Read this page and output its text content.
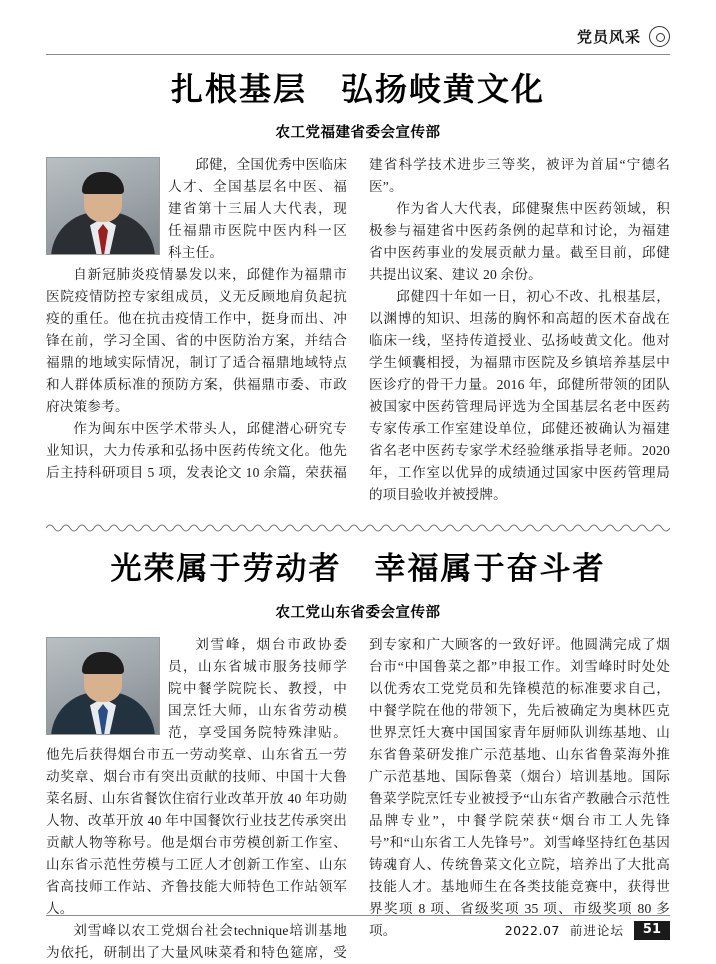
党员风采
扎根基层　弘扬岐黄文化
农工党福建省委会宣传部

邱健，全国优秀中医临床人才、全国基层名中医、福建省第十三届人大代表，现任福鼎市医院中医内科一区科主任。

自新冠肺炎疫情暴发以来，邱健作为福鼎市医院疫情防控专家组成员，义无反顾地肩负起抗疫的重任。他在抗击疫情工作中，挺身而出、冲锋在前，学习全国、省的中医防治方案，并结合福鼎的地域实际情况，制订了适合福鼎地域特点和人群体质标准的预防方案，供福鼎市委、市政府决策参考。

作为闽东中医学术带头人，邱健潜心研究专业知识，大力传承和弘扬中医药传统文化。他先后主持科研项目 5 项，发表论文 10 余篇，荣获福建省科学技术进步三等奖，被评为首届“宁德名医”。

作为省人大代表，邱健聚焦中医药领域，积极参与福建省中医药条例的起草和讨论，为福建省中医药事业的发展贡献力量。截至目前，邱健共提出议案、建议 20 余份。

邱健四十年如一日，初心不改、扎根基层，以渊博的知识、坦荡的胸怀和高超的医术奋战在临床一线，坚持传道授业、弘扬岐黄文化。他对学生倾囊相授，为福鼎市医院及乡镇培养基层中医诊疗的骨干力量。2016 年，邱健所带领的团队被国家中医药管理局评选为全国基层名老中医药专家传承工作室建设单位，邱健还被确认为福建省名老中医药专家学术经验继承指导老师。2020 年，工作室以优异的成绩通过国家中医药管理局的项目验收并被授牌。

光荣属于劳动者　幸福属于奋斗者
农工党山东省委会宣传部

刘雪峰，烟台市政协委员，山东省城市服务技师学院中餐学院院长、教授，中国烹饪大师，山东省劳动模范，享受国务院特殊津贴。他先后获得烟台市五一劳动奖章、山东省五一劳动奖章、烟台市有突出贡献的技师、中国十大鲁菜名厨、山东省餐饮住宿行业改革开放 40 年功勋人物、改革开放 40 年中国餐饮行业技艺传承突出贡献人物等称号。他是烟台市劳模创新工作室、山东省示范性劳模与工匠人才创新工作室、山东省高技师工作站、齐鲁技能大师特色工作站领军人。

刘雪峰以农工党烟台社会technique培训基地为依托，研制出了大量风味菜肴和特色筵席，受到专家和广大顾客的一致好评。他圆满完成了烟台市“中国鲁菜之都”申报工作。刘雪峰时时处处以优秀农工党党员和先锋模范的标准要求自己，中餐学院在他的带领下，先后被确定为奥林匹克世界烹饪大赛中国国家青年厨师队训练基地、山东省鲁菜研发推广示范基地、山东省鲁菜海外推广示范基地、国际鲁菜（烟台）培训基地。国际鲁菜学院烹饪专业被授予“山东省产教融合示范性品牌专业”，中餐学院荣获“烟台市工人先锋号”和“山东省工人先锋号”。刘雪峰坚持红色基因铸魂育人、传统鲁菜文化立院，培养出了大批高技能人才。基地师生在各类技能竞赛中，获得世界奖项 8 项、省级奖项 35 项、市级奖项 80 多项。	2022.07 前进论坛	51
